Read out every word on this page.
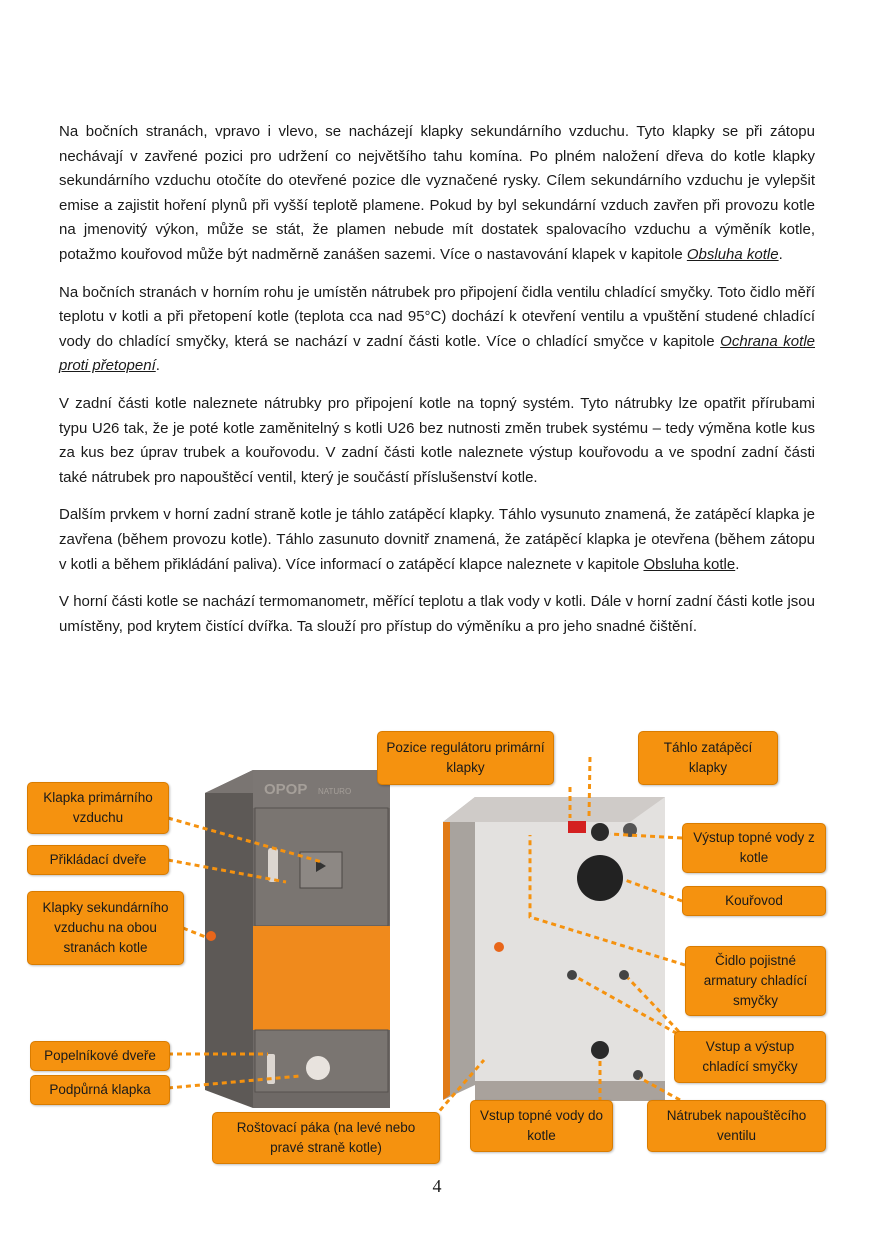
Na bočních stranách, vpravo i vlevo, se nacházejí klapky sekundárního vzduchu. Tyto klapky se při zátopu nechávají v zavřené pozici pro udržení co největšího tahu komína. Po plném naložení dřeva do kotle klapky sekundárního vzduchu otočíte do otevřené pozice dle vyznačené rysky. Cílem sekundárního vzduchu je vylepšit emise a zajistit hoření plynů při vyšší teplotě plamene. Pokud by byl sekundární vzduch zavřen při provozu kotle na jmenovitý výkon, může se stát, že plamen nebude mít dostatek spalovacího vzduchu a výměník kotle, potažmo kouřovod může být nadměrně zanášen sazemi. Více o nastavování klapek v kapitole Obsluha kotle.

Na bočních stranách v horním rohu je umístěn nátrubek pro připojení čidla ventilu chladící smyčky. Toto čidlo měří teplotu v kotli a při přetopení kotle (teplota cca nad 95°C) dochází k otevření ventilu a vpuštění studené chladící vody do chladící smyčky, která se nachází v zadní části kotle. Více o chladící smyčce v kapitole Ochrana kotle proti přetopení.

V zadní části kotle naleznete nátrubky pro připojení kotle na topný systém. Tyto nátrubky lze opatřit přírubami typu U26 tak, že je poté kotle zaměnitelný s kotli U26 bez nutnosti změn trubek systému – tedy výměna kotle kus za kus bez úprav trubek a kouřovodu. V zadní části kotle naleznete výstup kouřovodu a ve spodní zadní části také nátrubek pro napouštěcí ventil, který je součástí příslušenství kotle.

Dalším prvkem v horní zadní straně kotle je táhlo zatápěcí klapky. Táhlo vysunuto znamená, že zatápěcí klapka je zavřena (během provozu kotle). Táhlo zasunuto dovnitř znamená, že zatápěcí klapka je otevřena (během zátopu v kotli a během přikládání paliva). Více informací o zatápěcí klapce naleznete v kapitole Obsluha kotle.

V horní části kotle se nachází termomanometr, měřící teplotu a tlak vody v kotli. Dále v horní zadní části kotle jsou umístěny, pod krytem čistící dvířka. Ta slouží pro přístup do výměníku a pro jeho snadné čištění.

OPOP NATURO
Klapka primárního vzduchu
Přikládací dveře
Klapky sekundárního vzduchu na obou stranách kotle
Popelníkové dveře
Podpůrná klapka
Roštovací páka (na levé nebo pravé straně kotle)
Pozice regulátoru primární klapky
Táhlo zatápěcí klapky
Výstup topné vody z kotle
Kouřovod
Čidlo pojistné armatury chladící smyčky
Vstup a výstup chladící smyčky
Vstup topné vody do kotle
Nátrubek napouštěcího ventilu
4
